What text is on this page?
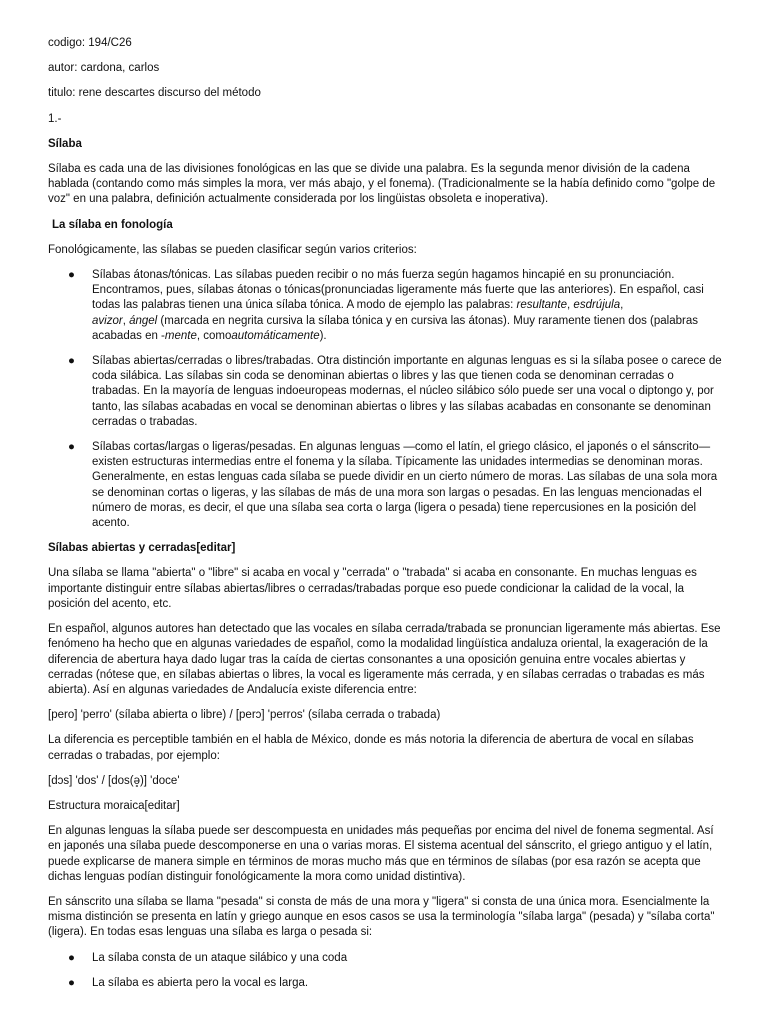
codigo: 194/C26

autor: cardona, carlos

titulo: rene descartes discurso del método

1.-

Sílaba

Sílaba es cada una de las divisiones fonológicas en las que se divide una palabra. Es la segunda menor división de la cadena hablada (contando como más simples la mora, ver más abajo, y el fonema). (Tradicionalmente se la había definido como "golpe de voz" en una palabra, definición actualmente considerada por los lingüistas obsoleta e inoperativa).

La sílaba en fonología

Fonológicamente, las sílabas se pueden clasificar según varios criterios:

● Sílabas átonas/tónicas. Las sílabas pueden recibir o no más fuerza según hagamos hincapié en su pronunciación. Encontramos, pues, sílabas átonas o tónicas(pronunciadas ligeramente más fuerte que las anteriores). En español, casi todas las palabras tienen una única sílaba tónica. A modo de ejemplo las palabras: resultante, esdrújula,
avizor, ángel (marcada en negrita cursiva la sílaba tónica y en cursiva las átonas). Muy raramente tienen dos (palabras acabadas en -mente, comoautomáticamente).
● Sílabas abiertas/cerradas o libres/trabadas. Otra distinción importante en algunas lenguas es si la sílaba posee o carece de coda silábica. Las sílabas sin coda se denominan abiertas o libres y las que tienen coda se denominan cerradas o trabadas. En la mayoría de lenguas indoeuropeas modernas, el núcleo silábico sólo puede ser una vocal o diptongo y, por tanto, las sílabas acabadas en vocal se denominan abiertas o libres y las sílabas acabadas en consonante se denominan cerradas o trabadas.
● Sílabas cortas/largas o ligeras/pesadas. En algunas lenguas —como el latín, el griego clásico, el japonés o el sánscrito— existen estructuras intermedias entre el fonema y la sílaba. Típicamente las unidades intermedias se denominan moras. Generalmente, en estas lenguas cada sílaba se puede dividir en un cierto número de moras. Las sílabas de una sola mora se denominan cortas o ligeras, y las sílabas de más de una mora son largas o pesadas. En las lenguas mencionadas el número de moras, es decir, el que una sílaba sea corta o larga (ligera o pesada) tiene repercusiones en la posición del acento.
Sílabas abiertas y cerradas[editar]

Una sílaba se llama "abierta" o "libre" si acaba en vocal y "cerrada" o "trabada" si acaba en consonante. En muchas lenguas es importante distinguir entre sílabas abiertas/libres o cerradas/trabadas porque eso puede condicionar la calidad de la vocal, la posición del acento, etc.

En español, algunos autores han detectado que las vocales en sílaba cerrada/trabada se pronuncian ligeramente más abiertas. Ese fenómeno ha hecho que en algunas variedades de español, como la modalidad lingüística andaluza oriental, la exageración de la diferencia de abertura haya dado lugar tras la caída de ciertas consonantes a una oposición genuina entre vocales abiertas y cerradas (nótese que, en sílabas abiertas o libres, la vocal es ligeramente más cerrada, y en sílabas cerradas o trabadas es más abierta). Así en algunas variedades de Andalucía existe diferencia entre:

[pero] 'perro' (sílaba abierta o libre) / [perɔ] 'perros' (sílaba cerrada o trabada)

La diferencia es perceptible también en el habla de México, donde es más notoria la diferencia de abertura de vocal en sílabas cerradas o trabadas, por ejemplo:

[dɔs] 'dos' / [dos(ə̥)] 'doce'

Estructura moraica[editar]

En algunas lenguas la sílaba puede ser descompuesta en unidades más pequeñas por encima del nivel de fonema segmental. Así en japonés una sílaba puede descomponerse en una o varias moras. El sistema acentual del sánscrito, el griego antiguo y el latín, puede explicarse de manera simple en términos de moras mucho más que en términos de sílabas (por esa razón se acepta que dichas lenguas podían distinguir fonológicamente la mora como unidad distintiva).

En sánscrito una sílaba se llama "pesada" si consta de más de una mora y "ligera" si consta de una única mora. Esencialmente la misma distinción se presenta en latín y griego aunque en esos casos se usa la terminología "sílaba larga" (pesada) y "sílaba corta" (ligera). En todas esas lenguas una sílaba es larga o pesada si:

● La sílaba consta de un ataque silábico y una coda
● La sílaba es abierta pero la vocal es larga.
